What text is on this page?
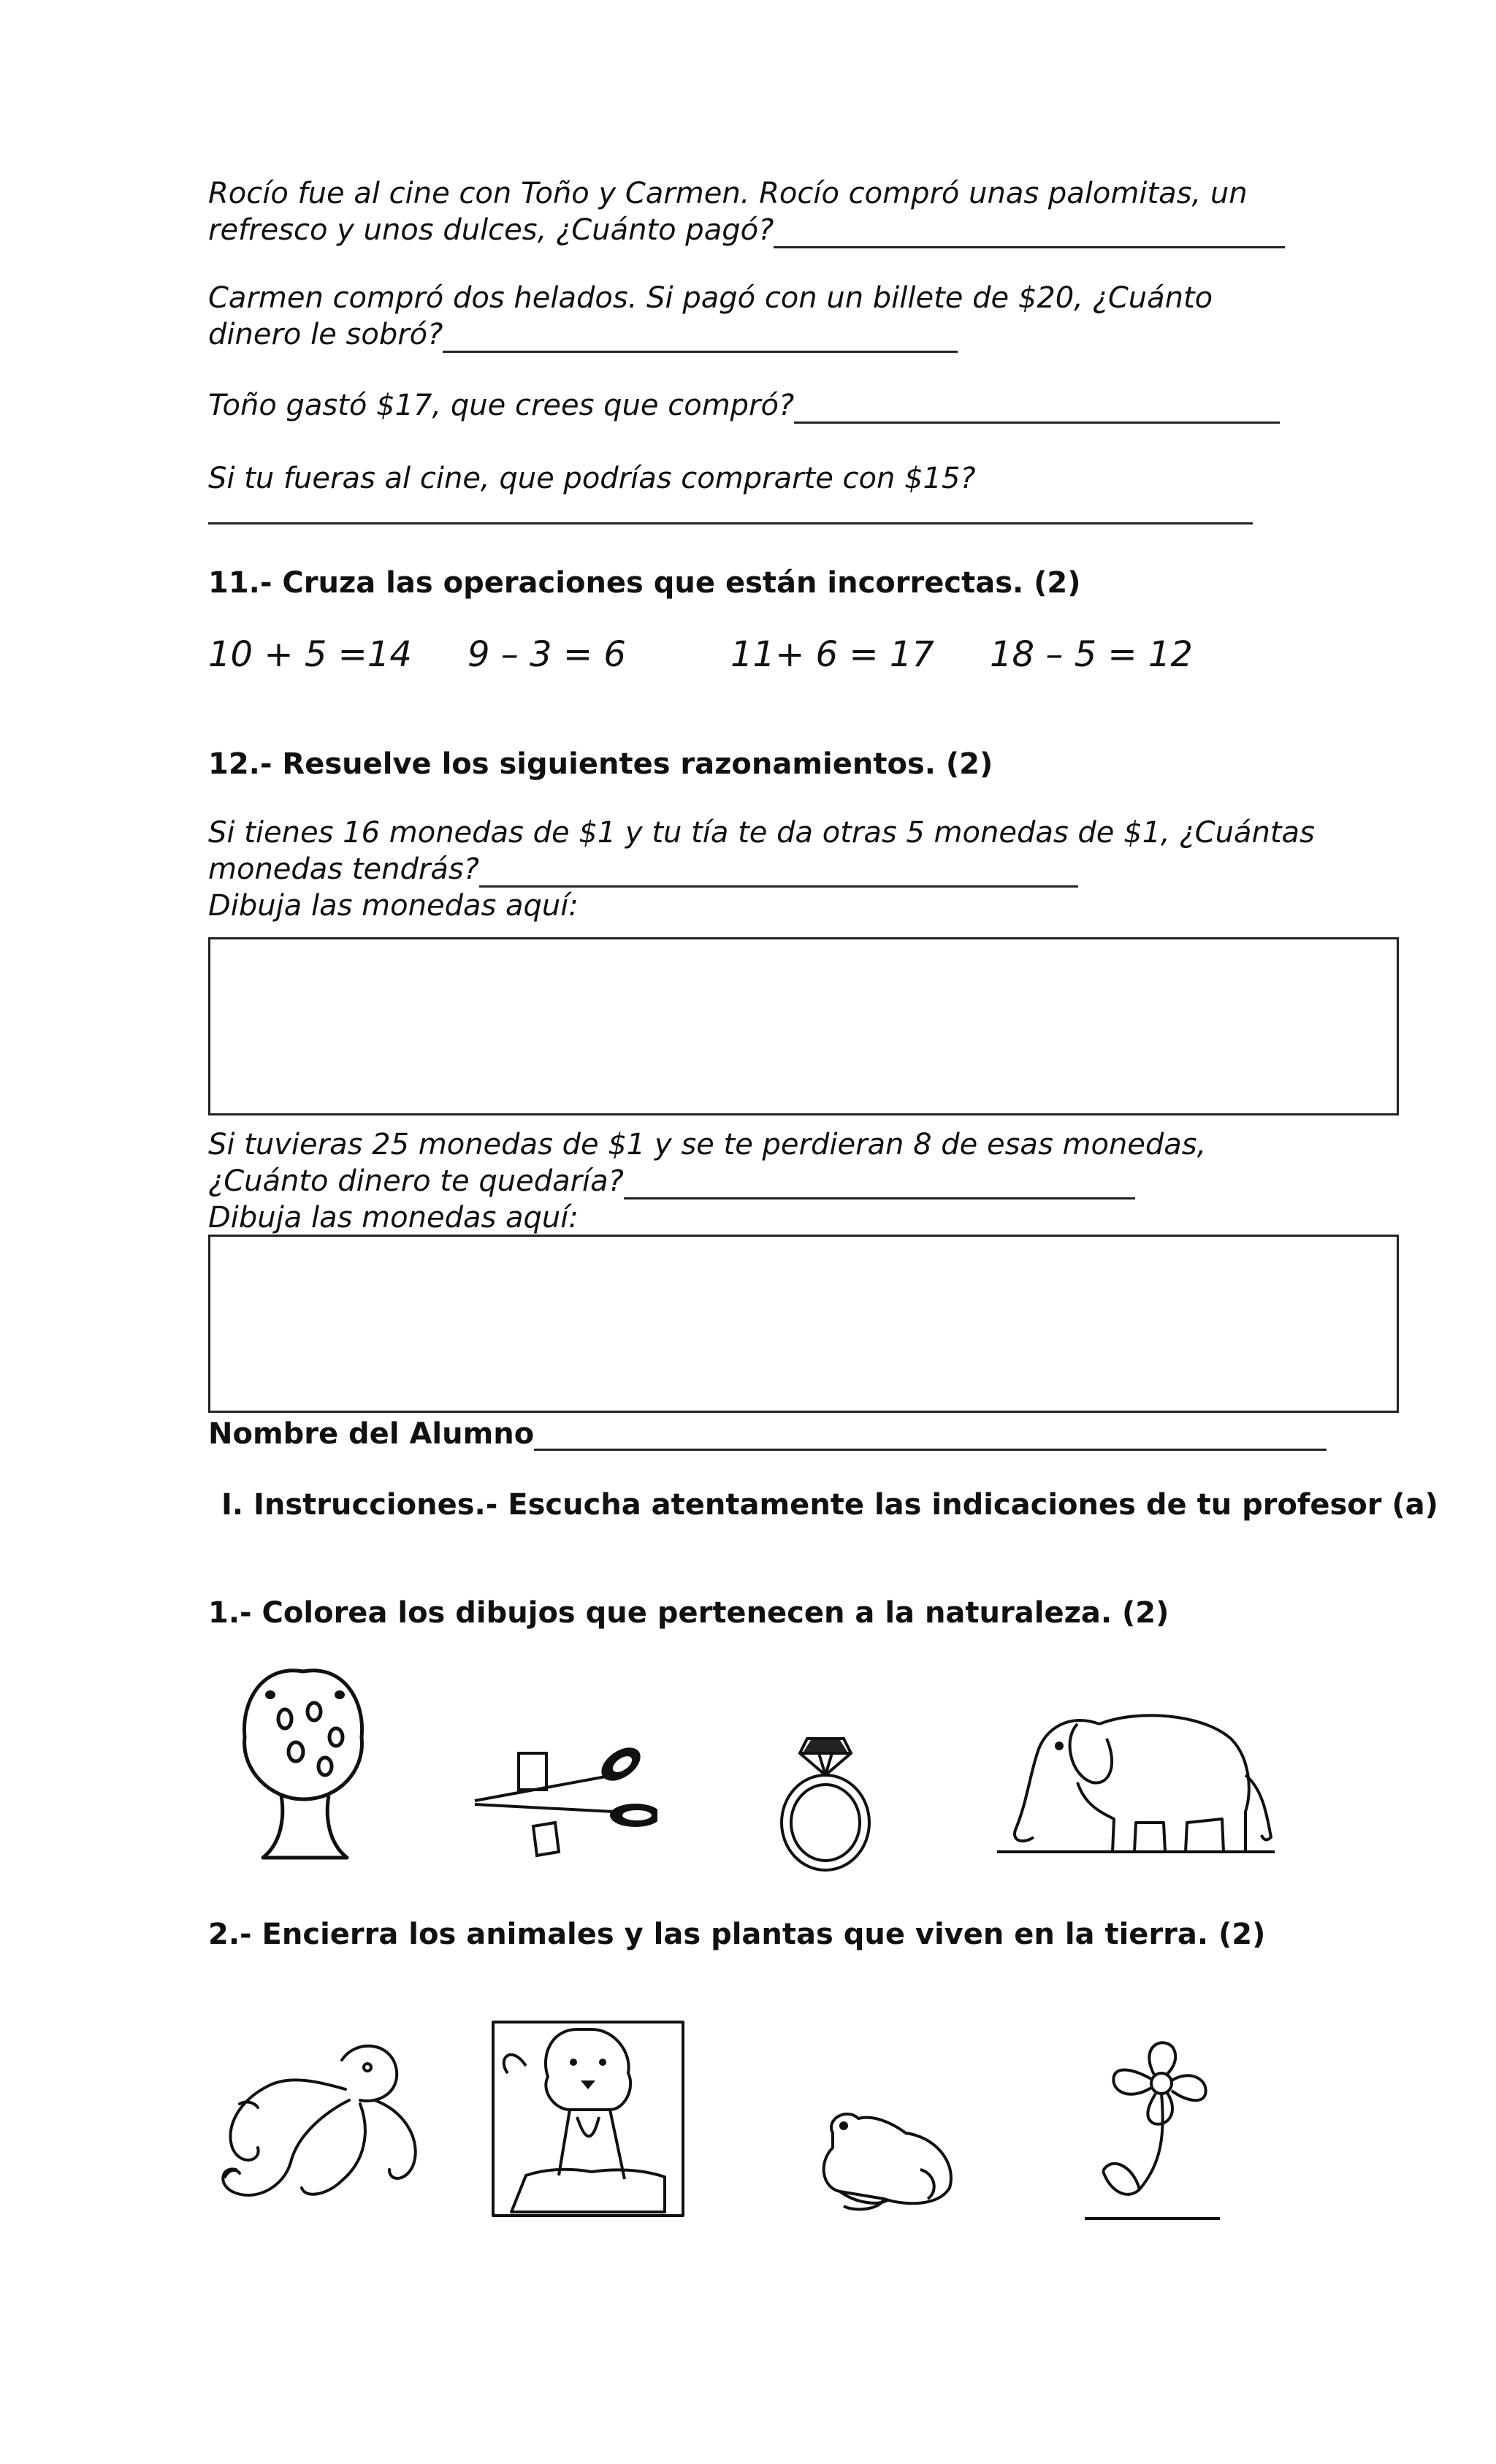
Rocío fue al cine con Toño y Carmen. Rocío compró unas palomitas, un
refresco y unos dulces, ¿Cuánto pagó?
Carmen compró dos helados. Si pagó con un billete de $20, ¿Cuánto
dinero le sobró?
Toño gastó $17, que crees que compró?
Si tu fueras al cine, que podrías comprarte con $15?
11.- Cruza las operaciones que están incorrectas. (2)
10 + 5 =14 9 – 3 = 6	11+ 6 = 17 18 – 5 = 12
12.- Resuelve los siguientes razonamientos. (2)
Si tienes 16 monedas de $1 y tu tía te da otras 5 monedas de $1, ¿Cuántas
monedas tendrás?
Dibuja las monedas aquí:
Si tuvieras 25 monedas de $1 y se te perdieran 8 de esas monedas,
¿Cuánto dinero te quedaría?
Dibuja las monedas aquí:
Nombre del Alumno
I. Instrucciones.- Escucha atentamente las indicaciones de tu profesor (a)
1.- Colorea los dibujos que pertenecen a la naturaleza. (2)
2.- Encierra los animales y las plantas que viven en la tierra. (2)
